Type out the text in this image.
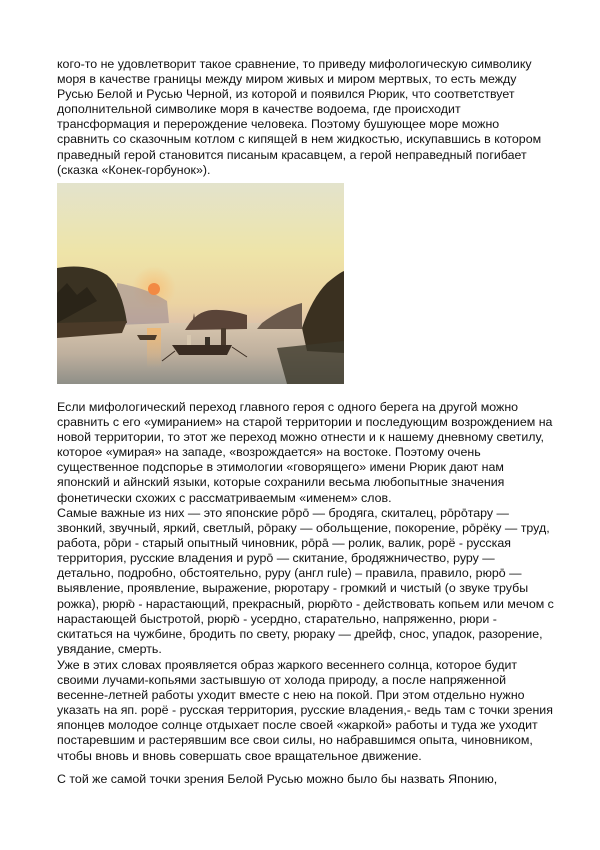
кого-то не удовлетворит такое сравнение, то приведу мифологическую символику
моря в качестве границы между миром живых и миром мертвых, то есть между
Русью Белой и Русью Черной, из которой и появился Рюрик, что соответствует
дополнительной символике моря в качестве водоема, где происходит
трансформация и перерождение человека. Поэтому бушующее море можно
сравнить со сказочным котлом с кипящей в нем жидкостью, искупавшись в котором
праведный герой становится писаным красавцем, а герой неправедный погибает
(сказка «Конек-горбунок»).

Если мифологический переход главного героя с одного берега на другой можно
сравнить с его «умиранием» на старой территории и последующим возрождением на
новой территории, то этот же переход можно отнести и к нашему дневному светилу,
которое «умирая» на западе, «возрождается» на востоке. Поэтому очень
существенное подспорье в этимологии «говорящего» имени Рюрик дают нам
японский и айнский языки, которые сохранили весьма любопытные значения
фонетически схожих с рассматриваемым «именем» слов.

Самые важные из них — это японские рōрō — бродяга, скиталец, рōрōтару —
звонкий, звучный, яркий, светлый, рōраку — обольщение, покорение, рōрёку — труд,
работа, рōри - старый опытный чиновник, рōрā — ролик, валик, рорё - русская
территория, русские владения и рурō — скитание, бродяжничество, руру —
детально, подробно, обстоятельно, руру (англ rule) – правила, правило, рюрō —
выявление, проявление, выражение, рюротару - громкий и чистый (о звуке трубы
рожка), рюрю̄ - нарастающий, прекрасный, рюрю̄то - действовать копьем или мечом с
нарастающей быстротой, рюрю̄ - усердно, старательно, напряженно, рюри -
скитаться на чужбине, бродить по свету, рюраку — дрейф, снос, упадок, разорение,
увядание, смерть.

Уже в этих словах проявляется образ жаркого весеннего солнца, которое будит
своими лучами-копьями застывшую от холода природу, а после напряженной
весенне-летней работы уходит вместе с нею на покой. При этом отдельно нужно
указать на яп. рорё - русская территория, русские владения,- ведь там с точки зрения
японцев молодое солнце отдыхает после своей «жаркой» работы и туда же уходит
постаревшим и растерявшим все свои силы, но набравшимся опыта, чиновником,
чтобы вновь и вновь совершать свое вращательное движение.

С той же самой точки зрения Белой Русью можно было бы назвать Японию,
